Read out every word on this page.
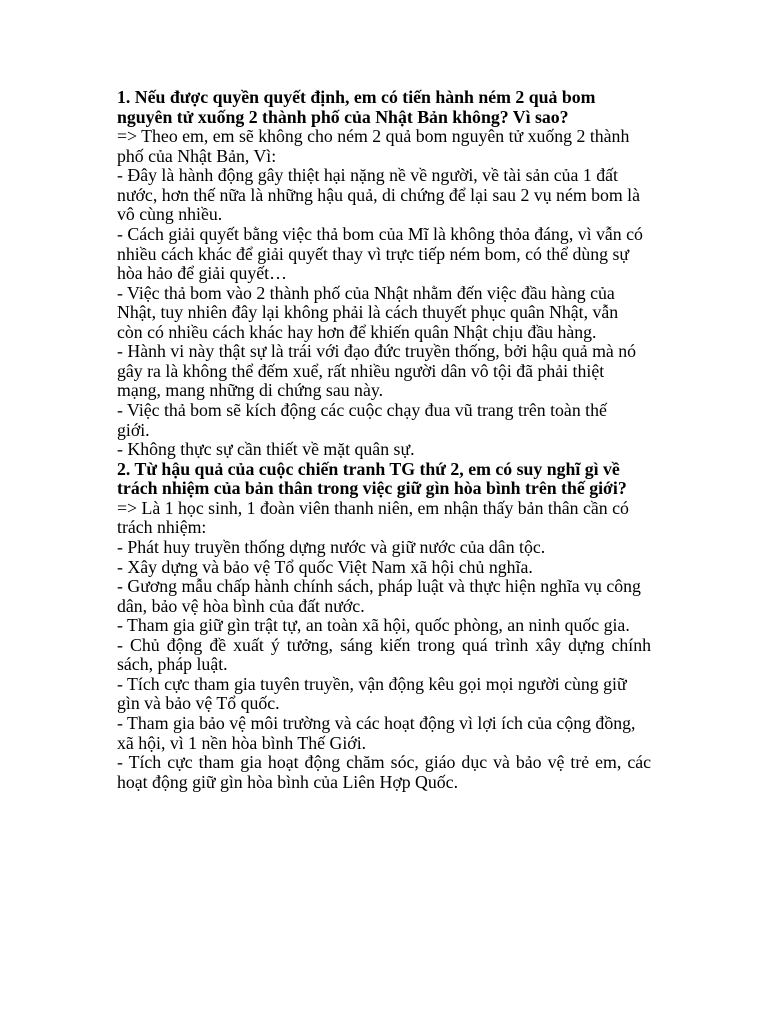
1. Nếu được quyền quyết định, em có tiến hành ném 2 quả bom
nguyên tử xuống 2 thành phố của Nhật Bản không? Vì sao?
=> Theo em, em sẽ không cho ném 2 quả bom nguyên tử xuống 2 thành
phố của Nhật Bản, Vì:
- Đây là hành động gây thiệt hại nặng nề về người, về tài sản của 1 đất
nước, hơn thế nữa là những hậu quả, di chứng để lại sau 2 vụ ném bom là
vô cùng nhiều.
- Cách giải quyết bằng việc thả bom của Mĩ là không thỏa đáng, vì vẫn có
nhiều cách khác để giải quyết thay vì trực tiếp ném bom, có thể dùng sự
hòa hảo để giải quyết…
- Việc thả bom vào 2 thành phố của Nhật nhằm đến việc đầu hàng của
Nhật, tuy nhiên đây lại không phải là cách thuyết phục quân Nhật, vẫn
còn có nhiều cách khác hay hơn để khiến quân Nhật chịu đầu hàng.
- Hành vi này thật sự là trái với đạo đức truyền thống, bởi hậu quả mà nó
gây ra là không thể đếm xuể, rất nhiều người dân vô tội đã phải thiệt
mạng, mang những di chứng sau này.
- Việc thả bom sẽ kích động các cuộc chạy đua vũ trang trên toàn thế
giới.
- Không thực sự cần thiết về mặt quân sự.
2. Từ hậu quả của cuộc chiến tranh TG thứ 2, em có suy nghĩ gì về
trách nhiệm của bản thân trong việc giữ gìn hòa bình trên thế giới?
=> Là 1 học sinh, 1 đoàn viên thanh niên, em nhận thấy bản thân cần có
trách nhiệm:
- Phát huy truyền thống dựng nước và giữ nước của dân tộc.
- Xây dựng và bảo vệ Tổ quốc Việt Nam xã hội chủ nghĩa.
- Gương mẫu chấp hành chính sách, pháp luật và thực hiện nghĩa vụ công
dân, bảo vệ hòa bình của đất nước.
- Tham gia giữ gìn trật tự, an toàn xã hội, quốc phòng, an ninh quốc gia.
- Chủ động đề xuất ý tưởng, sáng kiến trong quá trình xây dựng chính
sách, pháp luật.
- Tích cực tham gia tuyên truyền, vận động kêu gọi mọi người cùng giữ
gìn và bảo vệ Tổ quốc.
- Tham gia bảo vệ môi trường và các hoạt động vì lợi ích của cộng đồng,
xã hội, vì 1 nền hòa bình Thế Giới.
- Tích cực tham gia hoạt động chăm sóc, giáo dục và bảo vệ trẻ em, các
hoạt động giữ gìn hòa bình của Liên Hợp Quốc.
